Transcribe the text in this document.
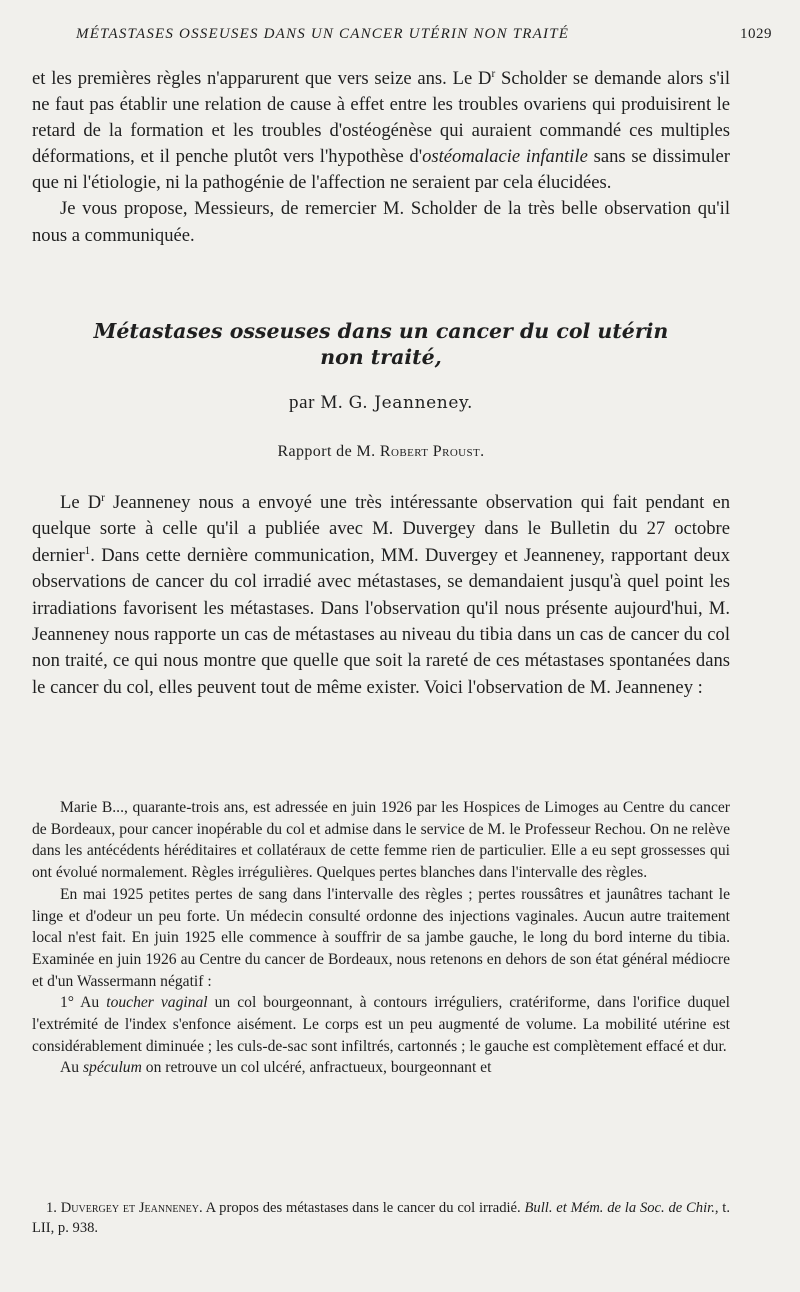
MÉTASTASES OSSEUSES DANS UN CANCER UTÉRIN NON TRAITÉ	1029

et les premières règles n'apparurent que vers seize ans. Le $D^r$ Scholder se demande alors s'il ne faut pas établir une relation de cause à effet entre les troubles ovariens qui produisirent le retard de la formation et les troubles d'ostéogénèse qui auraient commandé ces multiples déformations, et il penche plutôt vers l'hypothèse d'ostéomalacie infantile sans se dissimuler que ni l'étiologie, ni la pathogénie de l'affection ne seraient par cela élucidées.

Je vous propose, Messieurs, de remercier M. Scholder de la très belle observation qu'il nous a communiquée.

Métastases osseuses dans un cancer du col utérin
non traité,
par M. G. Jeanneney.
Rapport de M. Robert Proust.

Le $D^r$ Jeanneney nous a envoyé une très intéressante observation qui fait pendant en quelque sorte à celle qu'il a publiée avec M. Duvergey dans le Bulletin du 27 octobre dernier$^1$. Dans cette dernière communication, MM. Duvergey et Jeanneney, rapportant deux observations de cancer du col irradié avec métastases, se demandaient jusqu'à quel point les irradiations favorisent les métastases. Dans l'observation qu'il nous présente aujourd'hui, M. Jeanneney nous rapporte un cas de métastases au niveau du tibia dans un cas de cancer du col non traité, ce qui nous montre que quelle que soit la rareté de ces métastases spontanées dans le cancer du col, elles peuvent tout de même exister. Voici l'observation de M. Jeanneney :

Marie B..., quarante-trois ans, est adressée en juin 1926 par les Hospices de Limoges au Centre du cancer de Bordeaux, pour cancer inopérable du col et admise dans le service de M. le Professeur Rechou. On ne relève dans les antécédents héréditaires et collatéraux de cette femme rien de particulier. Elle a eu sept grossesses qui ont évolué normalement. Règles irrégulières. Quelques pertes blanches dans l'intervalle des règles.

En mai 1925 petites pertes de sang dans l'intervalle des règles ; pertes roussâtres et jaunâtres tachant le linge et d'odeur un peu forte. Un médecin consulté ordonne des injections vaginales. Aucun autre traitement local n'est fait. En juin 1925 elle commence à souffrir de sa jambe gauche, le long du bord interne du tibia. Examinée en juin 1926 au Centre du cancer de Bordeaux, nous retenons en dehors de son état général médiocre et d'un Wassermann négatif :

1° Au toucher vaginal un col bourgeonnant, à contours irréguliers, cratériforme, dans l'orifice duquel l'extrémité de l'index s'enfonce aisément. Le corps est un peu augmenté de volume. La mobilité utérine est considérablement diminuée ; les culs-de-sac sont infiltrés, cartonnés ; le gauche est complètement effacé et dur.

Au spéculum on retrouve un col ulcéré, anfractueux, bourgeonnant et

1. Duvergey et Jeanneney. A propos des métastases dans le cancer du col irradié. Bull. et Mém. de la Soc. de Chir., t. LII, p. 938.
